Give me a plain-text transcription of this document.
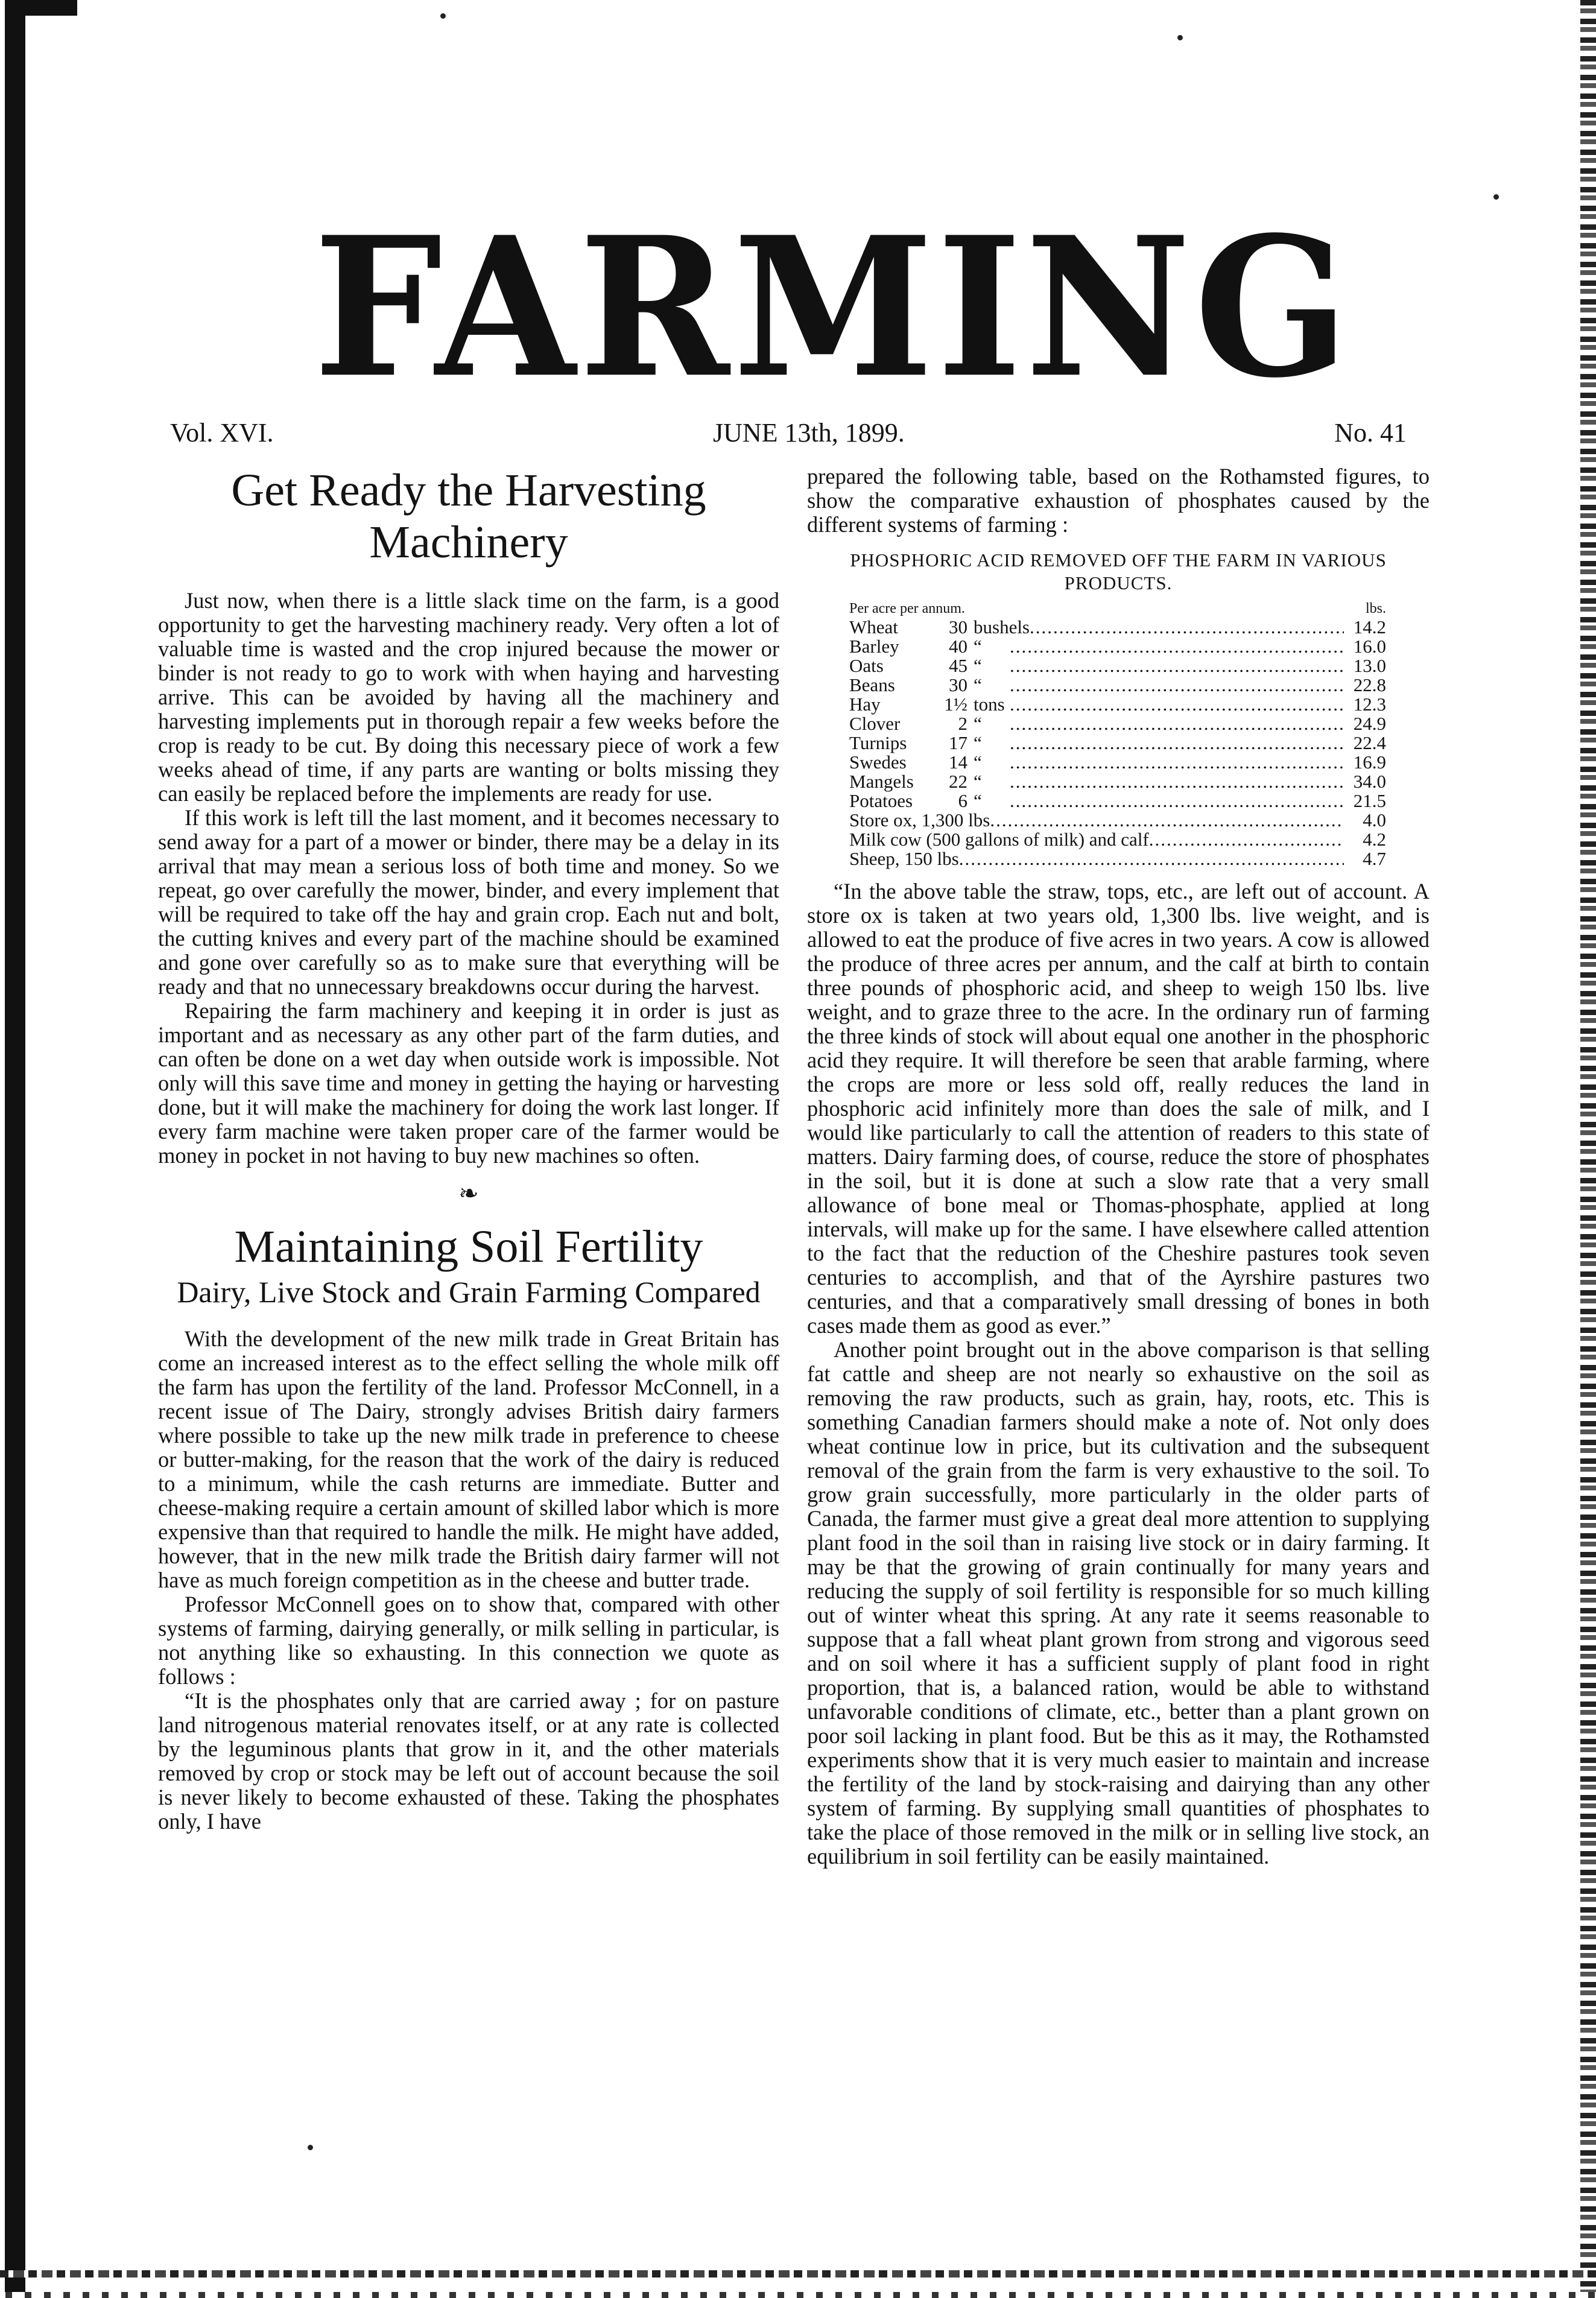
FARMING
Vol. XVI.	JUNE 13th, 1899.	No. 41
Get Ready the Harvesting Machinery

Just now, when there is a little slack time on the farm, is a good opportunity to get the harvesting machinery ready. Very often a lot of valuable time is wasted and the crop injured because the mower or binder is not ready to go to work with when haying and harvesting arrive. This can be avoided by having all the machinery and harvesting implements put in thorough repair a few weeks before the crop is ready to be cut. By doing this necessary piece of work a few weeks ahead of time, if any parts are wanting or bolts missing they can easily be replaced before the implements are ready for use.

If this work is left till the last moment, and it becomes necessary to send away for a part of a mower or binder, there may be a delay in its arrival that may mean a serious loss of both time and money. So we repeat, go over carefully the mower, binder, and every implement that will be required to take off the hay and grain crop. Each nut and bolt, the cutting knives and every part of the machine should be examined and gone over carefully so as to make sure that everything will be ready and that no unnecessary breakdowns occur during the harvest.

Repairing the farm machinery and keeping it in order is just as important and as necessary as any other part of the farm duties, and can often be done on a wet day when outside work is impossible. Not only will this save time and money in getting the haying or harvesting done, but it will make the machinery for doing the work last longer. If every farm machine were taken proper care of the farmer would be money in pocket in not having to buy new machines so often.

❧
Maintaining Soil Fertility
Dairy, Live Stock and Grain Farming Compared

With the development of the new milk trade in Great Britain has come an increased interest as to the effect selling the whole milk off the farm has upon the fertility of the land. Professor McConnell, in a recent issue of The Dairy, strongly advises British dairy farmers where possible to take up the new milk trade in preference to cheese or butter-making, for the reason that the work of the dairy is reduced to a minimum, while the cash returns are immediate. Butter and cheese-making require a certain amount of skilled labor which is more expensive than that required to handle the milk. He might have added, however, that in the new milk trade the British dairy farmer will not have as much foreign competition as in the cheese and butter trade.

Professor McConnell goes on to show that, compared with other systems of farming, dairying generally, or milk selling in particular, is not anything like so exhausting. In this connection we quote as follows :

“It is the phosphates only that are carried away ; for on pasture land nitrogenous material renovates itself, or at any rate is collected by the leguminous plants that grow in it, and the other materials removed by crop or stock may be left out of account because the soil is never likely to become exhausted of these. Taking the phosphates only, I have

prepared the following table, based on the Rothamsted figures, to show the comparative exhaustion of phosphates caused by the different systems of farming :

PHOSPHORIC ACID REMOVED OFF THE FARM IN VARIOUS PRODUCTS.
Per acre per annum.	lbs.
Wheat	30 bushels .....	14.2
Barley	40 “ .....	16.0
Oats	45 “ .....	13.0
Beans	30 “ .....	22.8
Hay	1½ tons .....	12.3
Clover	2 “ .....	24.9
Turnips	17 “ .....	22.4
Swedes	14 “ .....	16.9
Mangels	22 “ .....	34.0
Potatoes	6 “ .....	21.5
Store ox, 1,300 lbs .....	4.0
Milk cow (500 gallons of milk) and calf .....	4.2
Sheep, 150 lbs .....	4.7

“In the above table the straw, tops, etc., are left out of account. A store ox is taken at two years old, 1,300 lbs. live weight, and is allowed to eat the produce of five acres in two years. A cow is allowed the produce of three acres per annum, and the calf at birth to contain three pounds of phosphoric acid, and sheep to weigh 150 lbs. live weight, and to graze three to the acre. In the ordinary run of farming the three kinds of stock will about equal one another in the phosphoric acid they require. It will therefore be seen that arable farming, where the crops are more or less sold off, really reduces the land in phosphoric acid infinitely more than does the sale of milk, and I would like particularly to call the attention of readers to this state of matters. Dairy farming does, of course, reduce the store of phosphates in the soil, but it is done at such a slow rate that a very small allowance of bone meal or Thomas-phosphate, applied at long intervals, will make up for the same. I have elsewhere called attention to the fact that the reduction of the Cheshire pastures took seven centuries to accomplish, and that of the Ayrshire pastures two centuries, and that a comparatively small dressing of bones in both cases made them as good as ever.”

Another point brought out in the above comparison is that selling fat cattle and sheep are not nearly so exhaustive on the soil as removing the raw products, such as grain, hay, roots, etc. This is something Canadian farmers should make a note of. Not only does wheat continue low in price, but its cultivation and the subsequent removal of the grain from the farm is very exhaustive to the soil. To grow grain successfully, more particularly in the older parts of Canada, the farmer must give a great deal more attention to supplying plant food in the soil than in raising live stock or in dairy farming. It may be that the growing of grain continually for many years and reducing the supply of soil fertility is responsible for so much killing out of winter wheat this spring. At any rate it seems reasonable to suppose that a fall wheat plant grown from strong and vigorous seed and on soil where it has a sufficient supply of plant food in right proportion, that is, a balanced ration, would be able to withstand unfavorable conditions of climate, etc., better than a plant grown on poor soil lacking in plant food. But be this as it may, the Rothamsted experiments show that it is very much easier to maintain and increase the fertility of the land by stock-raising and dairying than any other system of farming. By supplying small quantities of phosphates to take the place of those removed in the milk or in selling live stock, an equilibrium in soil fertility can be easily maintained.
